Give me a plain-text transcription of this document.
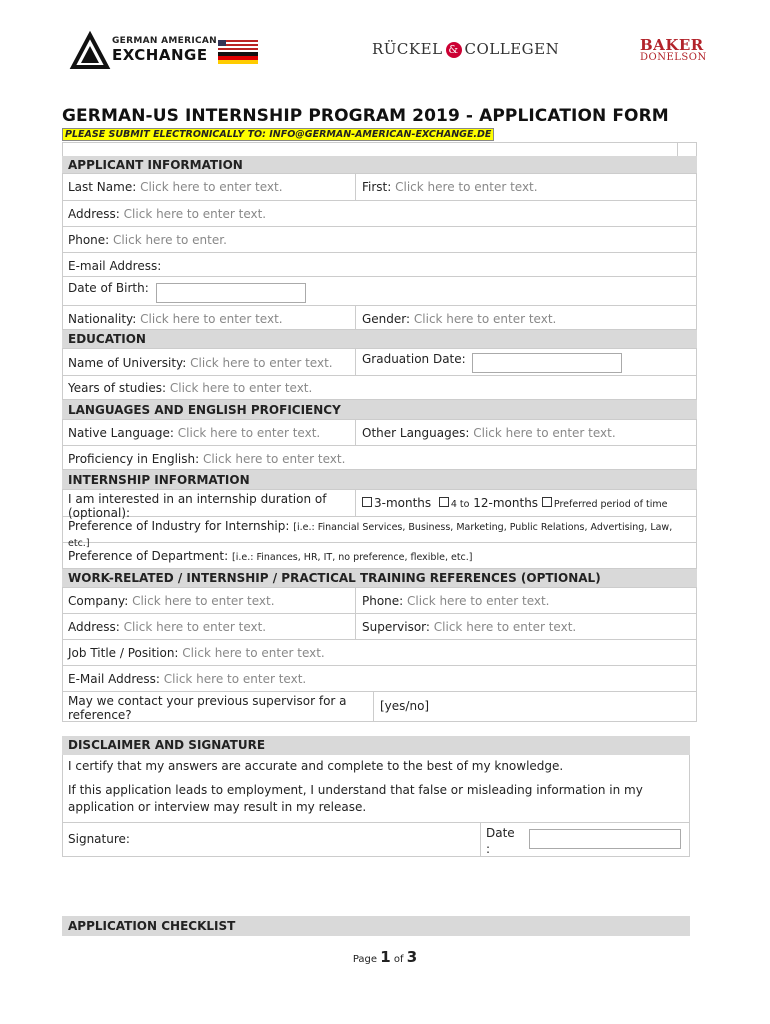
GERMAN AMERICAN
EXCHANGE	RÜCKEL & COLLEGEN	BAKER
DONELSON
GERMAN-US INTERNSHIP PROGRAM 2019 - APPLICATION FORM
PLEASE SUBMIT ELECTRONICALLY TO: INFO@GERMAN-AMERICAN-EXCHANGE.DE
APPLICANT INFORMATION
Last Name: Click here to enter text.	First: Click here to enter text.
Address: Click here to enter text.
Phone: Click here to enter.
E-mail Address:
Date of Birth:
Nationality: Click here to enter text.	Gender: Click here to enter text.
EDUCATION
Name of University: Click here to enter text. Graduation Date:
Years of studies: Click here to enter text.
LANGUAGES AND ENGLISH PROFICIENCY
Native Language: Click here to enter text.	Other Languages: Click here to enter text.
Proficiency in English: Click here to enter text.
INTERNSHIP INFORMATION
I am interested in an internship duration of (optional):
3-months 4 to 12-months Preferred period of time
Preference of Industry for Internship: [i.e.: Financial Services, Business, Marketing, Public Relations, Advertising, Law, etc.]
Preference of Department: [i.e.: Finances, HR, IT, no preference, flexible, etc.]
WORK-RELATED / INTERNSHIP / PRACTICAL TRAINING REFERENCES (OPTIONAL)
Company: Click here to enter text.	Phone: Click here to enter text.
Address: Click here to enter text.	Supervisor: Click here to enter text.
Job Title / Position: Click here to enter text.
E-Mail Address: Click here to enter text.
May we contact your previous supervisor for a reference?
[yes/no]
DISCLAIMER AND SIGNATURE
I certify that my answers are accurate and complete to the best of my knowledge.
If this application leads to employment, I understand that false or misleading information in my application or interview may result in my release.
Signature:	Date :
APPLICATION CHECKLIST
Page 1 of 3
